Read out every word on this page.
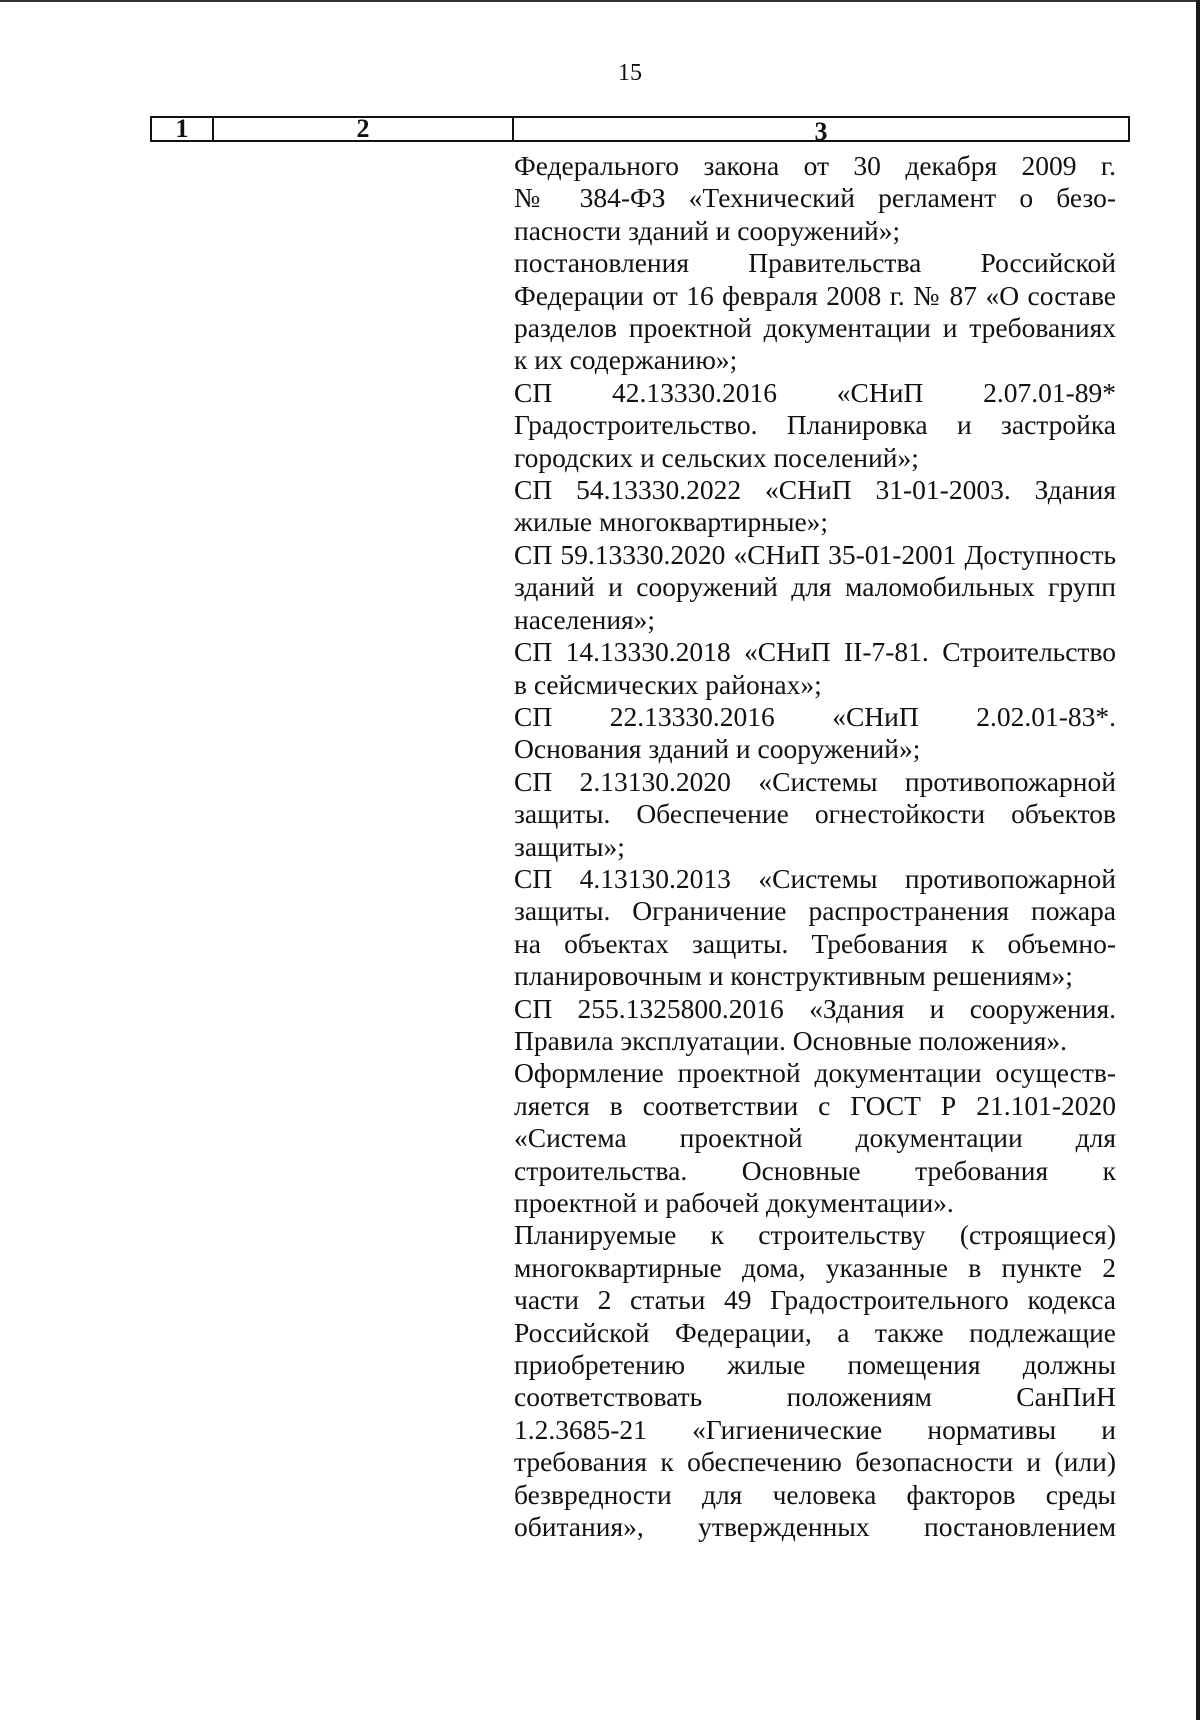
15
1	2	3
Федерального закона от 30 декабря 2009 г.
№ 384-ФЗ «Технический регламент о безо-
пасности зданий и сооружений»;
постановления Правительства Российской
Федерации от 16 февраля 2008 г. № 87 «О составе
разделов проектной документации и требованиях
к их содержанию»;
СП 42.13330.2016 «СНиП 2.07.01-89*
Градостроительство. Планировка и застройка
городских и сельских поселений»;
СП 54.13330.2022 «СНиП 31-01-2003. Здания
жилые многоквартирные»;
СП 59.13330.2020 «СНиП 35-01-2001 Доступность
зданий и сооружений для маломобильных групп
населения»;
СП 14.13330.2018 «СНиП II-7-81. Строительство
в сейсмических районах»;
СП 22.13330.2016 «СНиП 2.02.01-83*.
Основания зданий и сооружений»;
СП 2.13130.2020 «Системы противопожарной
защиты. Обеспечение огнестойкости объектов
защиты»;
СП 4.13130.2013 «Системы противопожарной
защиты. Ограничение распространения пожара
на объектах защиты. Требования к объемно-
планировочным и конструктивным решениям»;
СП 255.1325800.2016 «Здания и сооружения.
Правила эксплуатации. Основные положения».
Оформление проектной документации осуществ-
ляется в соответствии с ГОСТ Р 21.101-2020
«Система проектной документации для
строительства. Основные требования к
проектной и рабочей документации».
Планируемые к строительству (строящиеся)
многоквартирные дома, указанные в пункте 2
части 2 статьи 49 Градостроительного кодекса
Российской Федерации, а также подлежащие
приобретению жилые помещения должны
соответствовать положениям СанПиН
1.2.3685-21 «Гигиенические нормативы и
требования к обеспечению безопасности и (или)
безвредности для человека факторов среды
обитания», утвержденных постановлением
